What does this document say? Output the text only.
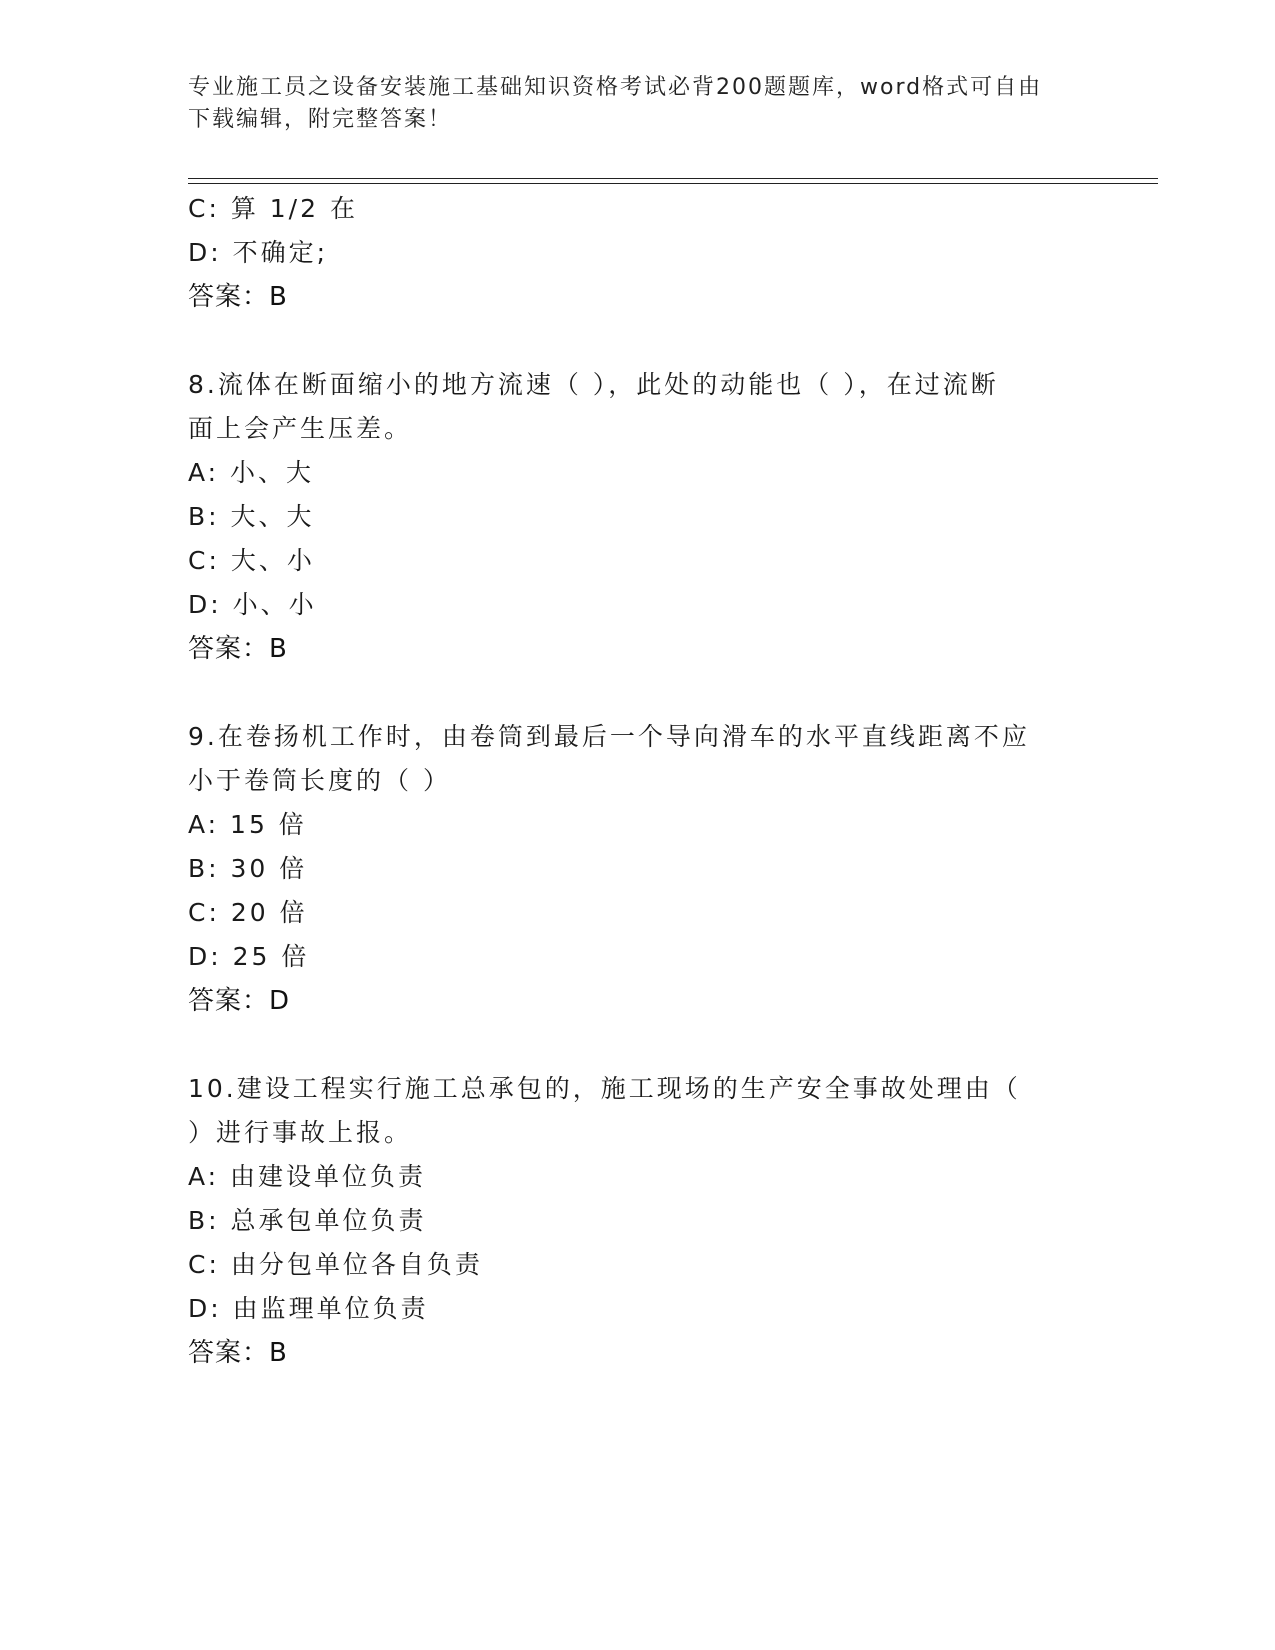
专业施工员之设备安装施工基础知识资格考试必背200题题库，word格式可自由
下载编辑，附完整答案！
C: 算 1/2 在
D: 不确定;
答案：B
8.流体在断面缩小的地方流速（ ），此处的动能也（ ），在过流断
面上会产生压差。
A: 小、大
B: 大、大
C: 大、小
D: 小、小
答案：B
9.在卷扬机工作时，由卷筒到最后一个导向滑车的水平直线距离不应
小于卷筒长度的（ ）
A: 15 倍
B: 30 倍
C: 20 倍
D: 25 倍
答案：D
10.建设工程实行施工总承包的，施工现场的生产安全事故处理由（
）进行事故上报。
A: 由建设单位负责
B: 总承包单位负责
C: 由分包单位各自负责
D: 由监理单位负责
答案：B
